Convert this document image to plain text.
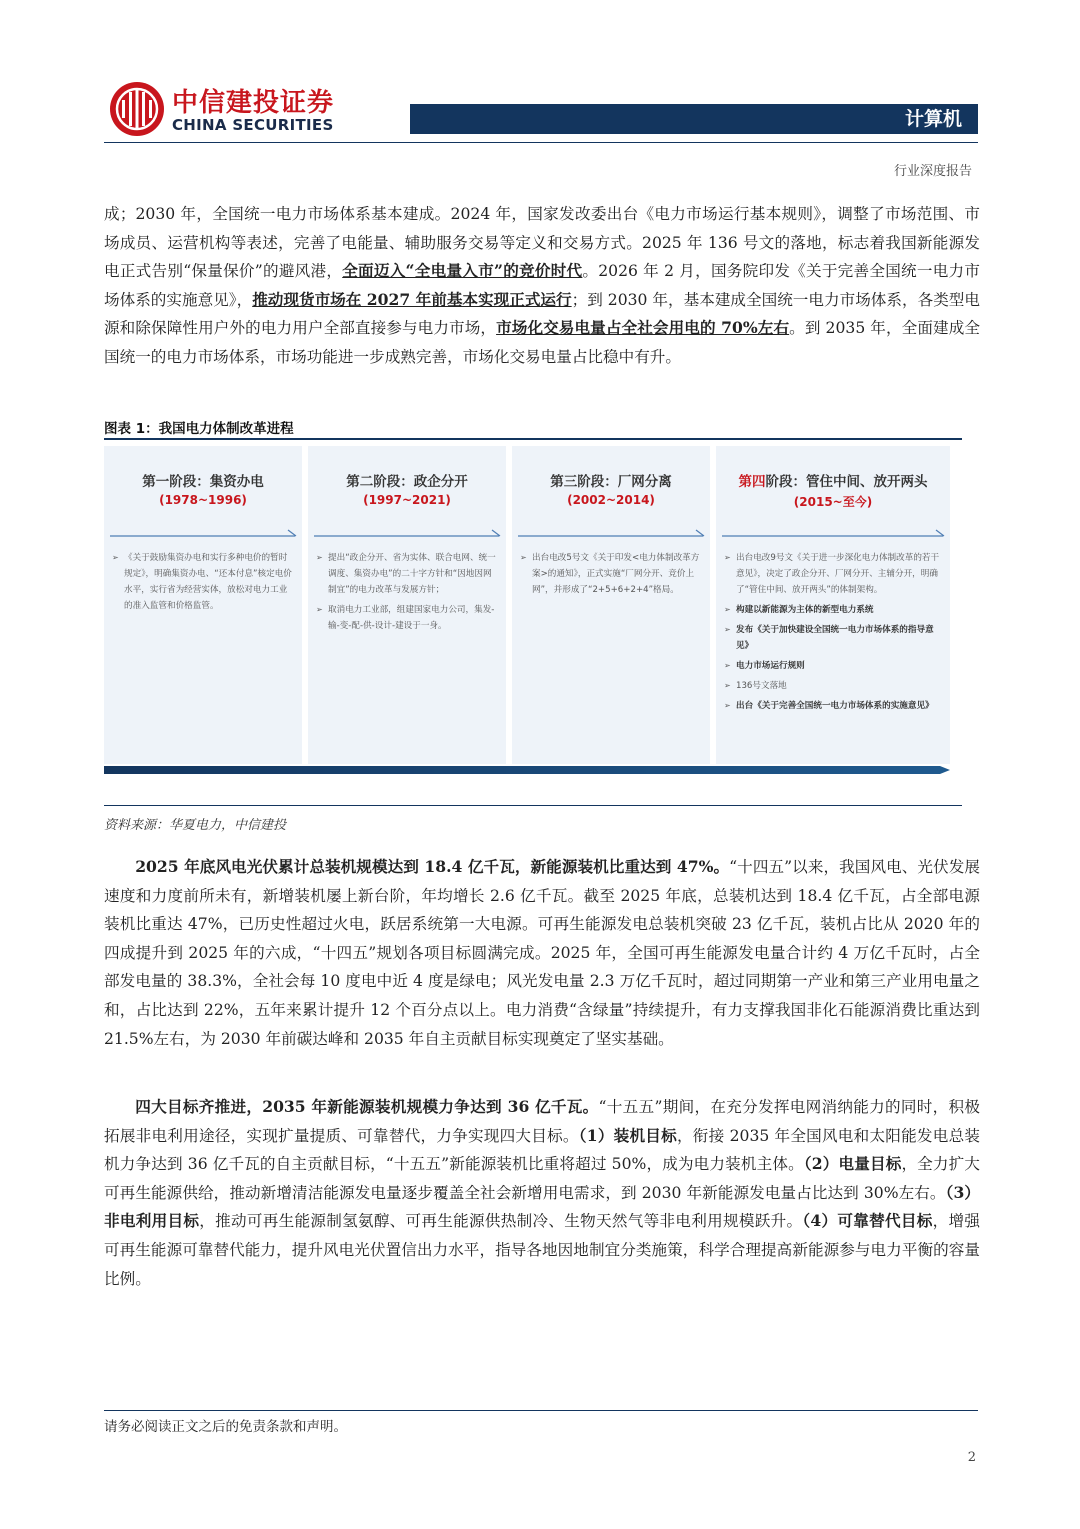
中信建投证券
CHINA SECURITIES	计算机
行业深度报告
成；2030 年，全国统一电力市场体系基本建成。2024 年，国家发改委出台《电力市场运行基本规则》，调整了市场范围、市场成员、运营机构等表述，完善了电能量、辅助服务交易等定义和交易方式。2025 年 136 号文的落地，标志着我国新能源发电正式告别“保量保价”的避风港，全面迈入“全电量入市”的竞价时代。2026 年 2 月，国务院印发《关于完善全国统一电力市场体系的实施意见》，推动现货市场在 2027 年前基本实现正式运行；到 2030 年，基本建成全国统一电力市场体系，各类型电源和除保障性用户外的电力用户全部直接参与电力市场，市场化交易电量占全社会用电的 70%左右。到 2035 年，全面建成全国统一的电力市场体系，市场功能进一步成熟完善，市场化交易电量占比稳中有升。
图表 1：我国电力体制改革进程
第一阶段：集资办电
(1978~1996)
➢ 《关于鼓励集资办电和实行多种电价的暂时规定》，明确集资办电、“还本付息”核定电价水平，实行省为经营实体，放松对电力工业的准入监管和价格监管。
第二阶段：政企分开
(1997~2021)
➢ 提出“政企分开、省为实体、联合电网、统一调度、集资办电”的二十字方针和“因地因网制宜”的电力改革与发展方针；
➢ 取消电力工业部，组建国家电力公司，集发-输-变-配-供-设计-建设于一身。
第三阶段：厂网分离
(2002~2014)
➢ 出台电改5号文《关于印发<电力体制改革方案>的通知》，正式实施“厂网分开、竞价上网”，并形成了“2+5+6+2+4”格局。
第四阶段：管住中间、放开两头
(2015~至今)
➢ 出台电改9号文《关于进一步深化电力体制改革的若干意见》，决定了政企分开、厂网分开、主辅分开，明确了“管住中间、放开两头”的体制架构。
➢ 构建以新能源为主体的新型电力系统
➢ 发布《关于加快建设全国统一电力市场体系的指导意见》
➢ 电力市场运行规则
➢ 136号文落地
➢ 出台《关于完善全国统一电力市场体系的实施意见》
资料来源：华夏电力，中信建投
2025 年底风电光伏累计总装机规模达到 18.4 亿千瓦，新能源装机比重达到 47%。“十四五”以来，我国风电、光伏发展速度和力度前所未有，新增装机屡上新台阶，年均增长 2.6 亿千瓦。截至 2025 年底，总装机达到 18.4 亿千瓦，占全部电源装机比重达 47%，已历史性超过火电，跃居系统第一大电源。可再生能源发电总装机突破 23 亿千瓦，装机占比从 2020 年的四成提升到 2025 年的六成，“十四五”规划各项目标圆满完成。2025 年，全国可再生能源发电量合计约 4 万亿千瓦时，占全部发电量的 38.3%，全社会每 10 度电中近 4 度是绿电；风光发电量 2.3 万亿千瓦时，超过同期第一产业和第三产业用电量之和，占比达到 22%，五年来累计提升 12 个百分点以上。电力消费“含绿量”持续提升，有力支撑我国非化石能源消费比重达到 21.5%左右，为 2030 年前碳达峰和 2035 年自主贡献目标实现奠定了坚实基础。
四大目标齐推进，2035 年新能源装机规模力争达到 36 亿千瓦。“十五五”期间，在充分发挥电网消纳能力的同时，积极拓展非电利用途径，实现扩量提质、可靠替代，力争实现四大目标。（1）装机目标，衔接 2035 年全国风电和太阳能发电总装机力争达到 36 亿千瓦的自主贡献目标，“十五五”新能源装机比重将超过 50%，成为电力装机主体。（2）电量目标，全力扩大可再生能源供给，推动新增清洁能源发电量逐步覆盖全社会新增用电需求，到 2030 年新能源发电量占比达到 30%左右。（3）非电利用目标，推动可再生能源制氢氨醇、可再生能源供热制冷、生物天然气等非电利用规模跃升。（4）可靠替代目标，增强可再生能源可靠替代能力，提升风电光伏置信出力水平，指导各地因地制宜分类施策，科学合理提高新能源参与电力平衡的容量比例。
请务必阅读正文之后的免责条款和声明。
2
